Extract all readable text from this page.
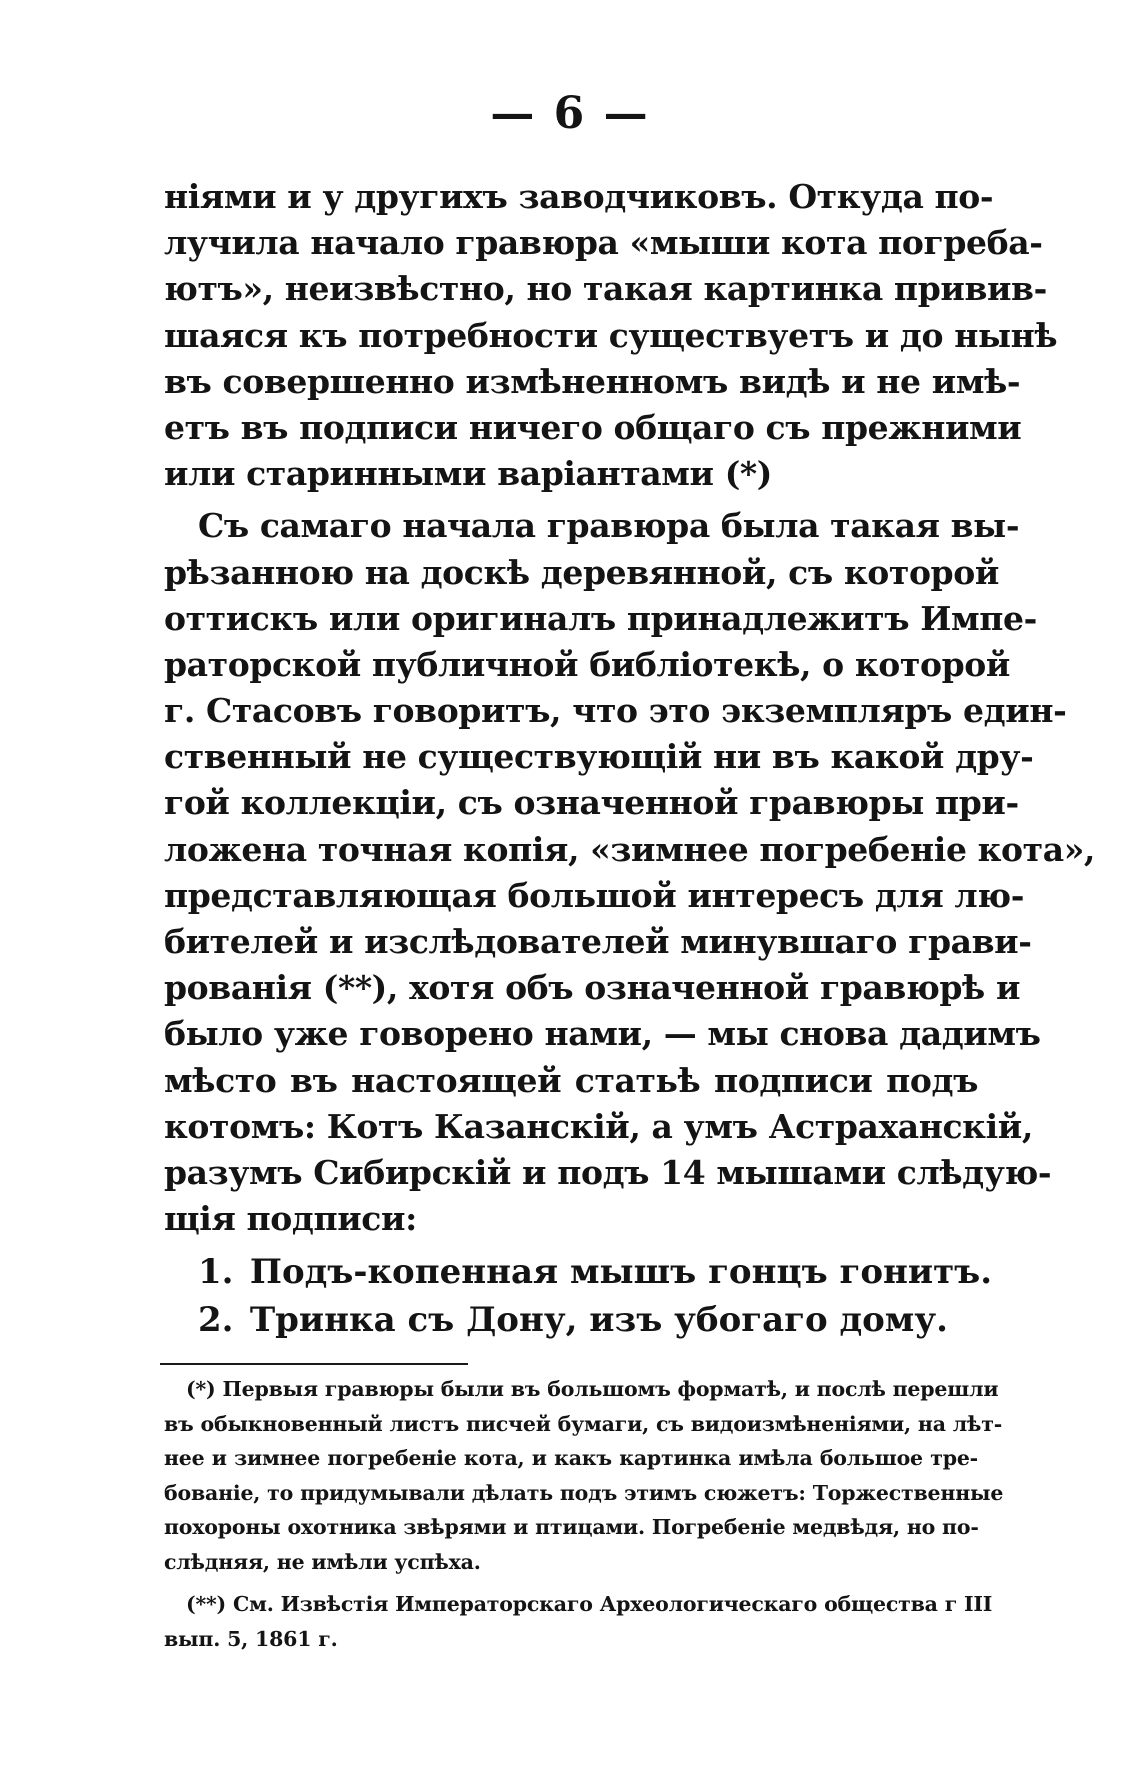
— 6 —
ніями и у другихъ заводчиковъ. Откуда по-
лучила начало гравюра «мыши кота погреба-
ютъ», неизвѣстно, но такая картинка привив-
шаяся къ потребности существуетъ и до нынѣ
въ совершенно измѣненномъ видѣ и не имѣ-
етъ въ подписи ничего общаго съ прежними
или старинными варіантами (*)
Съ самаго начала гравюра была такая вы-
рѣзанною на доскѣ деревянной, съ которой
оттискъ или оригиналъ принадлежитъ Импе-
раторской публичной библіотекѣ, о которой
г. Стасовъ говоритъ, что это экземпляръ един-
ственный не существующій ни въ какой дру-
гой коллекціи, съ означенной гравюры при-
ложена точная копія, «зимнее погребеніе кота»,
представляющая большой интересъ для лю-
бителей и изслѣдователей минувшаго грави-
рованія (**), хотя объ означенной гравюрѣ и
было уже говорено нами, — мы снова дадимъ
мѣсто въ настоящей статьѣ подписи подъ
котомъ: Котъ Казанскій, а умъ Астраханскій,
разумъ Сибирскій и подъ 14 мышами слѣдую-
щія подписи:
1. Подъ-копенная мышъ гонцъ гонитъ.
2. Тринка съ Дону, изъ убогаго дому.
(*) Первыя гравюры были въ большомъ форматѣ, и послѣ перешли
въ обыкновенный листъ писчей бумаги, съ видоизмѣненіями, на лѣт-
нее и зимнее погребеніе кота, и какъ картинка имѣла большое тре-
бованіе, то придумывали дѣлать подъ этимъ сюжетъ: Торжественные
похороны охотника звѣрями и птицами. Погребеніе медвѣдя, но по-
слѣдняя, не имѣли успѣха.
(**) См. Извѣстія Императорскаго Археологическаго общества г III
вып. 5, 1861 г.
